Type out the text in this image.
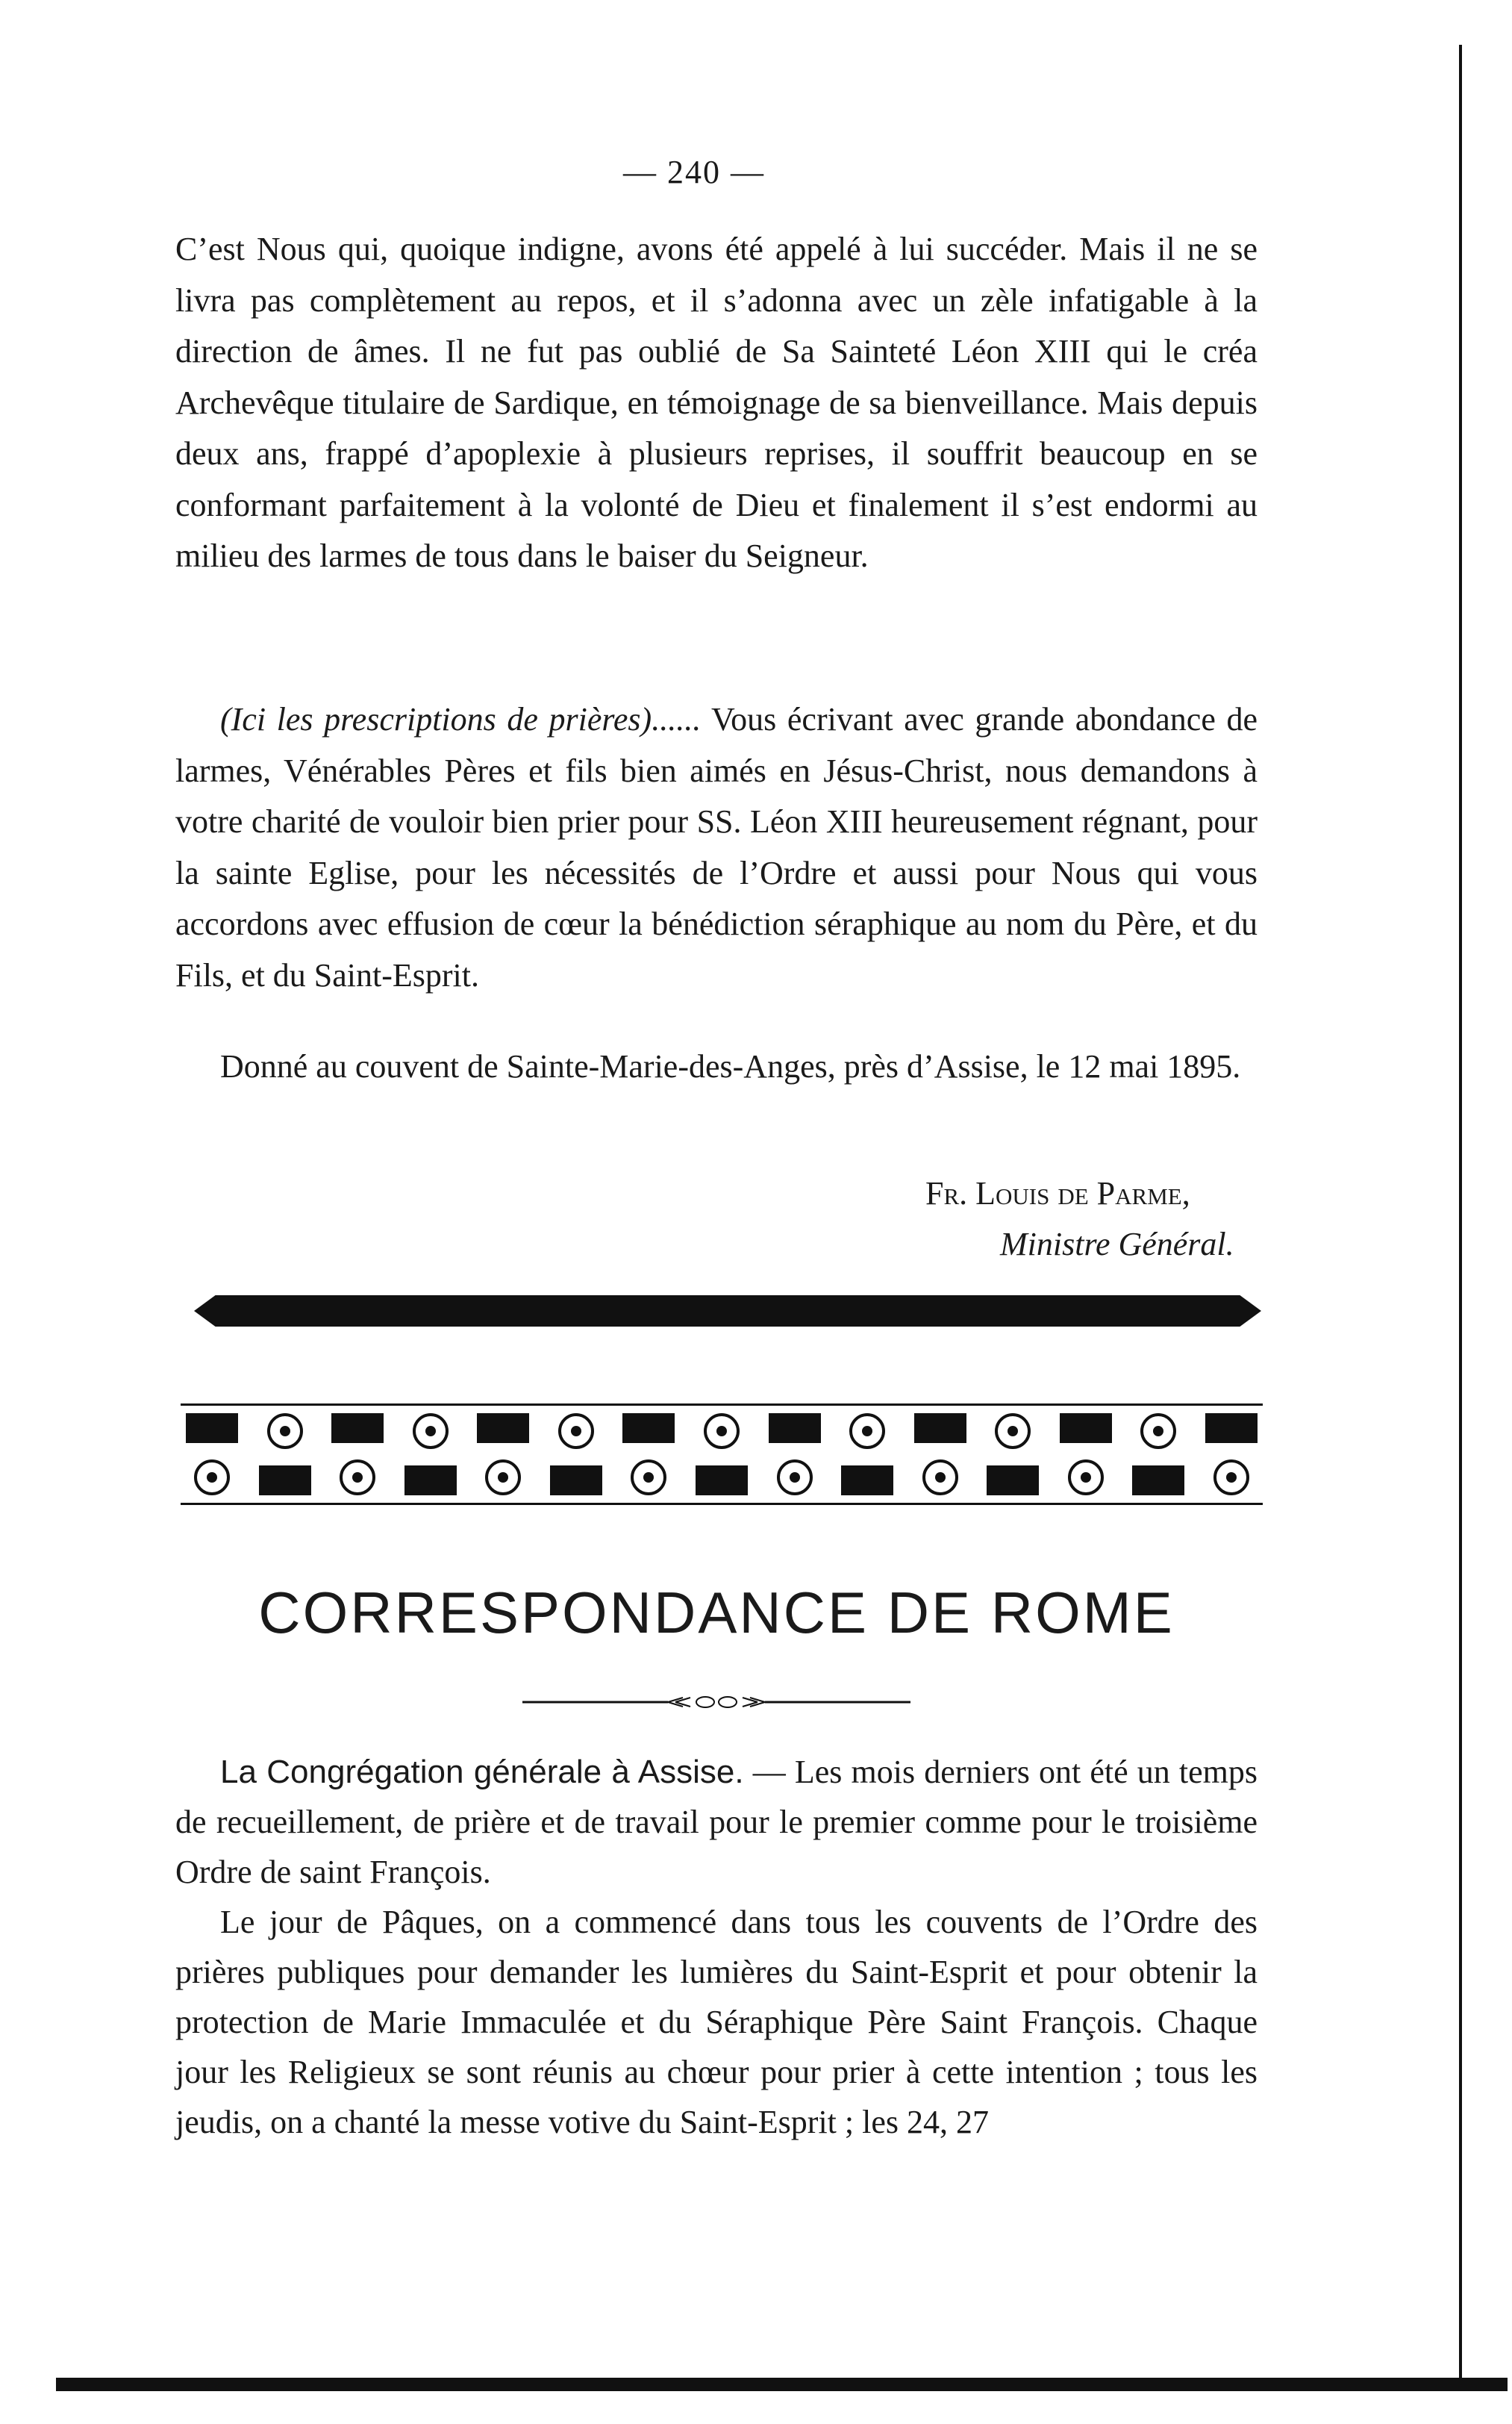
— 240 —

C’est Nous qui, quoique indigne, avons été appelé à lui succéder. Mais il ne se livra pas complètement au repos, et il s’adonna avec un zèle infatigable à la direction de âmes. Il ne fut pas oublié de Sa Sainteté Léon XIII qui le créa Archevêque titulaire de Sardique, en témoignage de sa bienveillance. Mais depuis deux ans, frappé d’apoplexie à plusieurs reprises, il souffrit beaucoup en se conformant parfaitement à la volonté de Dieu et finalement il s’est endormi au milieu des larmes de tous dans le baiser du Seigneur.

(Ici les prescriptions de prières)...... Vous écrivant avec grande abondance de larmes, Vénérables Pères et fils bien aimés en Jésus-Christ, nous demandons à votre charité de vouloir bien prier pour SS. Léon XIII heureusement régnant, pour la sainte Eglise, pour les nécessités de l’Ordre et aussi pour Nous qui vous accordons avec effusion de cœur la bénédiction séraphique au nom du Père, et du Fils, et du Saint-Esprit.

Donné au couvent de Sainte-Marie-des-Anges, près d’Assise, le 12 mai 1895.

Fr. Louis de Parme,
Ministre Général.
CORRESPONDANCE DE ROME

La Congrégation générale à Assise. — Les mois derniers ont été un temps de recueillement, de prière et de travail pour le premier comme pour le troisième Ordre de saint François.

Le jour de Pâques, on a commencé dans tous les couvents de l’Ordre des prières publiques pour demander les lumières du Saint-Esprit et pour obtenir la protection de Marie Immaculée et du Séraphique Père Saint François. Chaque jour les Religieux se sont réunis au chœur pour prier à cette intention ; tous les jeudis, on a chanté la messe votive du Saint-Esprit ; les 24, 27
